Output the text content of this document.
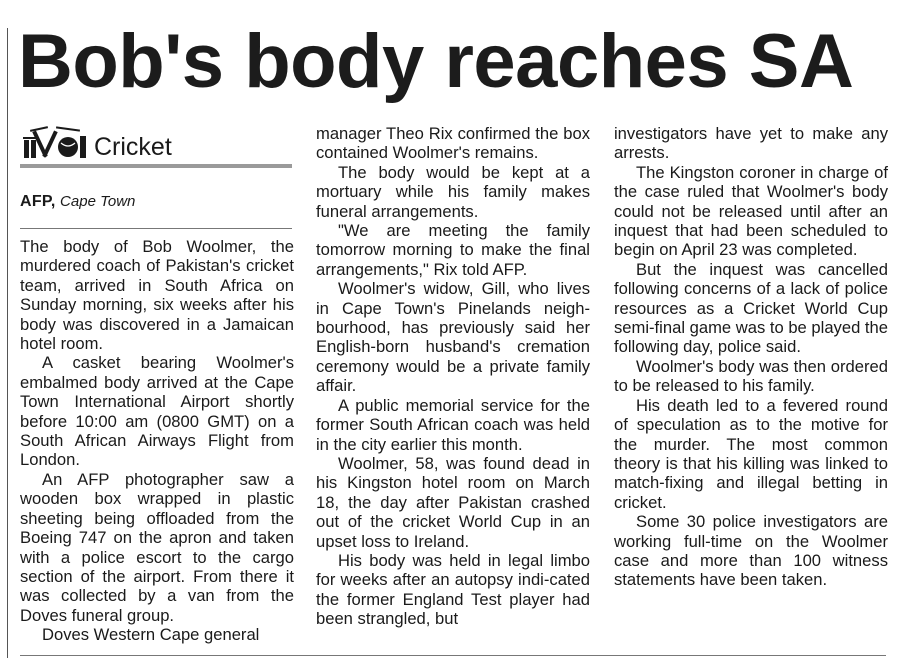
Bob's body reaches SA
Cricket
AFP, Cape Town

The body of Bob Woolmer, the murdered coach of Pakistan's cricket team, arrived in South Africa on Sunday morning, six weeks after his body was discovered in a Jamaican hotel room.

A casket bearing Woolmer's embalmed body arrived at the Cape Town International Airport shortly before 10:00 am (0800 GMT) on a South African Airways Flight from London.

An AFP photographer saw a wooden box wrapped in plastic sheeting being offloaded from the Boeing 747 on the apron and taken with a police escort to the cargo section of the airport. From there it was collected by a van from the Doves funeral group.

Doves Western Cape general

manager Theo Rix confirmed the box contained Woolmer's remains.

The body would be kept at a mortuary while his family makes funeral arrangements.

"We are meeting the family tomorrow morning to make the final arrangements," Rix told AFP.

Woolmer's widow, Gill, who lives in Cape Town's Pinelands neigh-bourhood, has previously said her English-born husband's cremation ceremony would be a private family affair.

A public memorial service for the former South African coach was held in the city earlier this month.

Woolmer, 58, was found dead in his Kingston hotel room on March 18, the day after Pakistan crashed out of the cricket World Cup in an upset loss to Ireland.

His body was held in legal limbo for weeks after an autopsy indi-cated the former England Test player had been strangled, but

investigators have yet to make any arrests.

The Kingston coroner in charge of the case ruled that Woolmer's body could not be released until after an inquest that had been scheduled to begin on April 23 was completed.

But the inquest was cancelled following concerns of a lack of police resources as a Cricket World Cup semi-final game was to be played the following day, police said.

Woolmer's body was then ordered to be released to his family.

His death led to a fevered round of speculation as to the motive for the murder. The most common theory is that his killing was linked to match-fixing and illegal betting in cricket.

Some 30 police investigators are working full-time on the Woolmer case and more than 100 witness statements have been taken.
